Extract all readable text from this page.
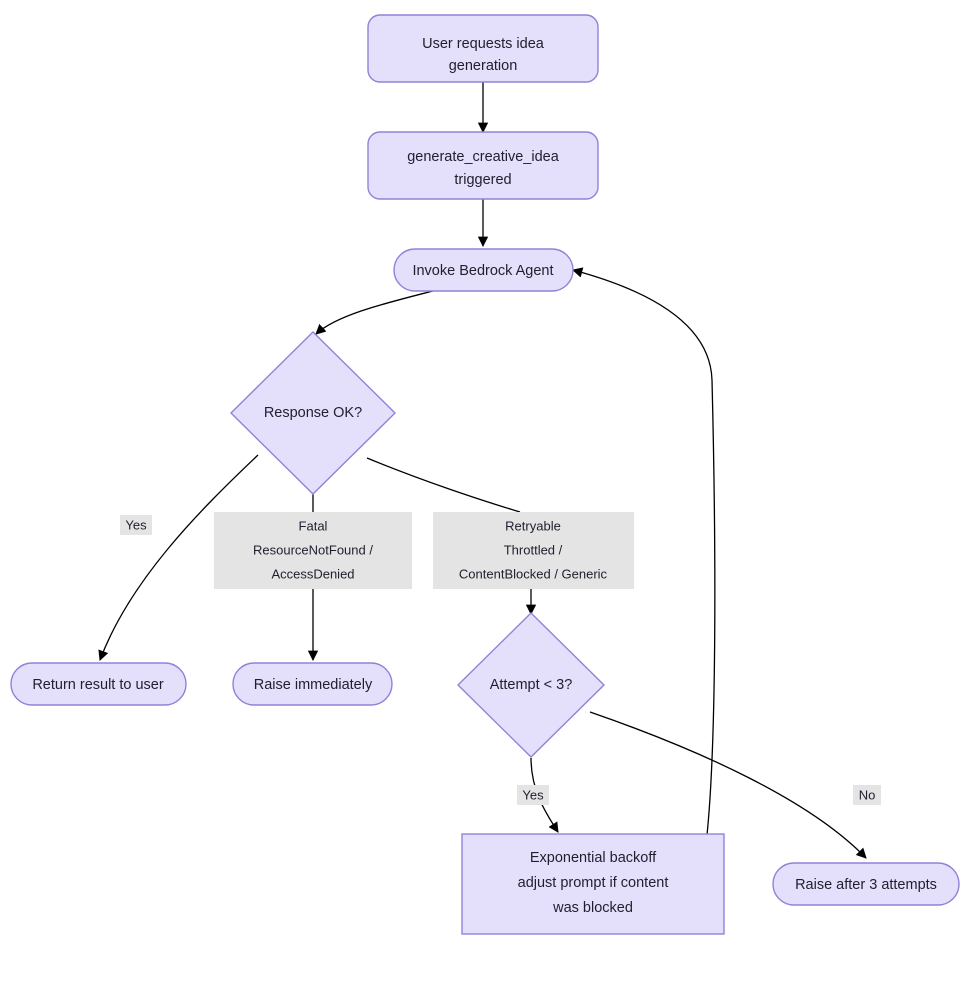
Yes	Fatal
ResourceNotFound /
AccessDenied
Retryable
Throttled /
ContentBlocked / Generic
Yes	No
User requests idea
generation
generate_creative_idea
triggered
Invoke Bedrock Agent
Response OK?
Return result to user	Raise immediately	Attempt < 3?
Exponential backoff
adjust prompt if content
was blocked
Raise after 3 attempts
